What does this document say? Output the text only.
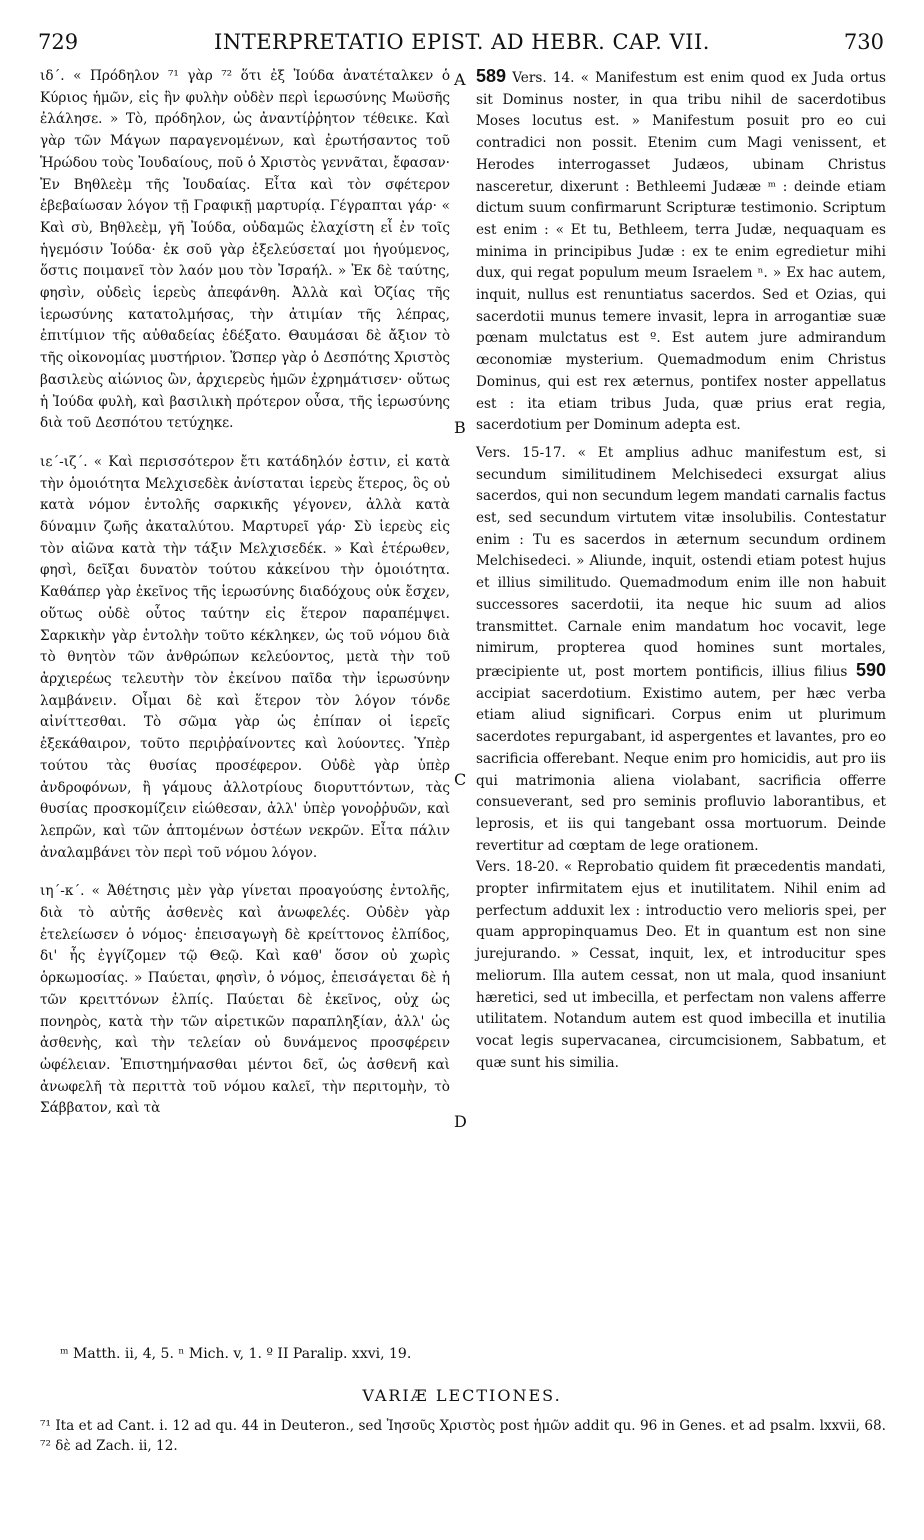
729	INTERPRETATIO EPIST. AD HEBR. CAP. VII.	730

ιδ΄. « Πρόδηλον ⁷¹ γὰρ ⁷² ὅτι ἐξ Ἰούδα ἀνατέταλκεν ὁ Κύριος ἡμῶν, εἰς ἣν φυλὴν οὐδὲν περὶ ἱερωσύνης Μωϋσῆς ἐλάλησε. » Τὸ, πρόδηλον, ὡς ἀναντίῤῥητον τέθεικε. Καὶ γὰρ τῶν Μάγων παραγενομένων, καὶ ἐρωτήσαντος τοῦ Ἡρώδου τοὺς Ἰουδαίους, ποῦ ὁ Χριστὸς γεννᾶται, ἔφασαν· Ἐν Βηθλεὲμ τῆς Ἰουδαίας. Εἶτα καὶ τὸν σφέτερον ἐβεβαίωσαν λόγον τῇ Γραφικῇ μαρτυρίᾳ. Γέγραπται γάρ· « Καὶ σὺ, Βηθλεὲμ, γῆ Ἰούδα, οὐδαμῶς ἐλαχίστη εἶ ἐν τοῖς ἡγεμόσιν Ἰούδα· ἐκ σοῦ γὰρ ἐξελεύσεταί μοι ἡγούμενος, ὅστις ποιμανεῖ τὸν λαόν μου τὸν Ἰσραήλ. » Ἐκ δὲ ταύτης, φησὶν, οὐδεὶς ἱερεὺς ἀπεφάνθη. Ἀλλὰ καὶ Ὀζίας τῆς ἱερωσύνης κατατολμήσας, τὴν ἀτιμίαν τῆς λέπρας, ἐπιτίμιον τῆς αὐθαδείας ἐδέξατο. Θαυμάσαι δὲ ἄξιον τὸ τῆς οἰκονομίας μυστήριον. Ὥσπερ γὰρ ὁ Δεσπότης Χριστὸς βασιλεὺς αἰώνιος ὢν, ἀρχιερεὺς ἡμῶν ἐχρημάτισεν· οὕτως ἡ Ἰούδα φυλὴ, καὶ βασιλικὴ πρότερον οὖσα, τῆς ἱερωσύνης διὰ τοῦ Δεσπότου τετύχηκε.

ιε΄-ιζ΄. « Καὶ περισσότερον ἔτι κατάδηλόν ἐστιν, εἰ κατὰ τὴν ὁμοιότητα Μελχισεδὲκ ἀνίσταται ἱερεὺς ἕτερος, ὃς οὐ κατὰ νόμον ἐντολῆς σαρκικῆς γέγονεν, ἀλλὰ κατὰ δύναμιν ζωῆς ἀκαταλύτου. Μαρτυρεῖ γάρ· Σὺ ἱερεὺς εἰς τὸν αἰῶνα κατὰ τὴν τάξιν Μελχισεδέκ. » Καὶ ἑτέρωθεν, φησὶ, δεῖξαι δυνατὸν τούτου κἀκείνου τὴν ὁμοιότητα. Καθάπερ γὰρ ἐκεῖνος τῆς ἱερωσύνης διαδόχους οὐκ ἔσχεν, οὕτως οὐδὲ οὗτος ταύτην εἰς ἕτερον παραπέμψει. Σαρκικὴν γὰρ ἐντολὴν τοῦτο κέκληκεν, ὡς τοῦ νόμου διὰ τὸ θνητὸν τῶν ἀνθρώπων κελεύοντος, μετὰ τὴν τοῦ ἀρχιερέως τελευτὴν τὸν ἐκείνου παῖδα τὴν ἱερωσύνην λαμβάνειν. Οἶμαι δὲ καὶ ἕτερον τὸν λόγον τόνδε αἰνίττεσθαι. Τὸ σῶμα γὰρ ὡς ἐπίπαν οἱ ἱερεῖς ἐξεκάθαιρον, τοῦτο περιῤῥαίνοντες καὶ λούοντες. Ὑπὲρ τούτου τὰς θυσίας προσέφερον. Οὐδὲ γὰρ ὑπὲρ ἀνδροφόνων, ἢ γάμους ἀλλοτρίους διορυττόντων, τὰς θυσίας προσκομίζειν εἰώθεσαν, ἀλλ' ὑπὲρ γονοῤῥυῶν, καὶ λεπρῶν, καὶ τῶν ἁπτομένων ὀστέων νεκρῶν. Εἶτα πάλιν ἀναλαμβάνει τὸν περὶ τοῦ νόμου λόγον.

ιη΄-κ΄. « Ἀθέτησις μὲν γὰρ γίνεται προαγούσης ἐντολῆς, διὰ τὸ αὐτῆς ἀσθενὲς καὶ ἀνωφελές. Οὐδὲν γὰρ ἐτελείωσεν ὁ νόμος· ἐπεισαγωγὴ δὲ κρείττονος ἐλπίδος, δι' ἧς ἐγγίζομεν τῷ Θεῷ. Καὶ καθ' ὅσον οὐ χωρὶς ὁρκωμοσίας. » Παύεται, φησὶν, ὁ νόμος, ἐπεισάγεται δὲ ἡ τῶν κρειττόνων ἐλπίς. Παύεται δὲ ἐκεῖνος, οὐχ ὡς πονηρὸς, κατὰ τὴν τῶν αἱρετικῶν παραπληξίαν, ἀλλ' ὡς ἀσθενὴς, καὶ τὴν τελείαν οὐ δυνάμενος προσφέρειν ὠφέλειαν. Ἐπιστημήνασθαι μέντοι δεῖ, ὡς ἀσθενῆ καὶ ἀνωφελῆ τὰ περιττὰ τοῦ νόμου καλεῖ, τὴν περιτομὴν, τὸ Σάββατον, καὶ τὰ

A
B
C
D

589 Vers. 14. « Manifestum est enim quod ex Juda ortus sit Dominus noster, in qua tribu nihil de sacerdotibus Moses locutus est. » Manifestum posuit pro eo cui contradici non possit. Etenim cum Magi venissent, et Herodes interrogasset Judæos, ubinam Christus nasceretur, dixerunt : Bethleemi Judææ ᵐ : deinde etiam dictum suum confirmarunt Scripturæ testimonio. Scriptum est enim : « Et tu, Bethleem, terra Judæ, nequaquam es minima in principibus Judæ : ex te enim egredietur mihi dux, qui regat populum meum Israelem ⁿ. » Ex hac autem, inquit, nullus est renuntiatus sacerdos. Sed et Ozias, qui sacerdotii munus temere invasit, lepra in arrogantiæ suæ pœnam mulctatus est º. Est autem jure admirandum œconomiæ mysterium. Quemadmodum enim Christus Dominus, qui est rex æternus, pontifex noster appellatus est : ita etiam tribus Juda, quæ prius erat regia, sacerdotium per Dominum adepta est.

Vers. 15-17. « Et amplius adhuc manifestum est, si secundum similitudinem Melchisedeci exsurgat alius sacerdos, qui non secundum legem mandati carnalis factus est, sed secundum virtutem vitæ insolubilis. Contestatur enim : Tu es sacerdos in æternum secundum ordinem Melchisedeci. » Aliunde, inquit, ostendi etiam potest hujus et illius similitudo. Quemadmodum enim ille non habuit successores sacerdotii, ita neque hic suum ad alios transmittet. Carnale enim mandatum hoc vocavit, lege nimirum, propterea quod homines sunt mortales, præcipiente ut, post mortem pontificis, illius filius 590 accipiat sacerdotium. Existimo autem, per hæc verba etiam aliud significari. Corpus enim ut plurimum sacerdotes repurgabant, id aspergentes et lavantes, pro eo sacrificia offerebant. Neque enim pro homicidis, aut pro iis qui matrimonia aliena violabant, sacrificia offerre consueverant, sed pro seminis profluvio laborantibus, et leprosis, et iis qui tangebant ossa mortuorum. Deinde revertitur ad cœptam de lege orationem.

Vers. 18-20. « Reprobatio quidem fit præcedentis mandati, propter infirmitatem ejus et inutilitatem. Nihil enim ad perfectum adduxit lex : introductio vero melioris spei, per quam appropinquamus Deo. Et in quantum est non sine jurejurando. » Cessat, inquit, lex, et introducitur spes meliorum. Illa autem cessat, non ut mala, quod insaniunt hæretici, sed ut imbecilla, et perfectam non valens afferre utilitatem. Notandum autem est quod imbecilla et inutilia vocat legis supervacanea, circumcisionem, Sabbatum, et quæ sunt his similia.

ᵐ Matth. ii, 4, 5. ⁿ Mich. v, 1. º II Paralip. xxvi, 19.
VARIÆ LECTIONES.
⁷¹ Ita et ad Cant. i. 12 ad qu. 44 in Deuteron., sed Ἰησοῦς Χριστὸς post ἡμῶν addit qu. 96 in Genes. et ad psalm. lxxvii, 68. ⁷² δὲ ad Zach. ii, 12.
